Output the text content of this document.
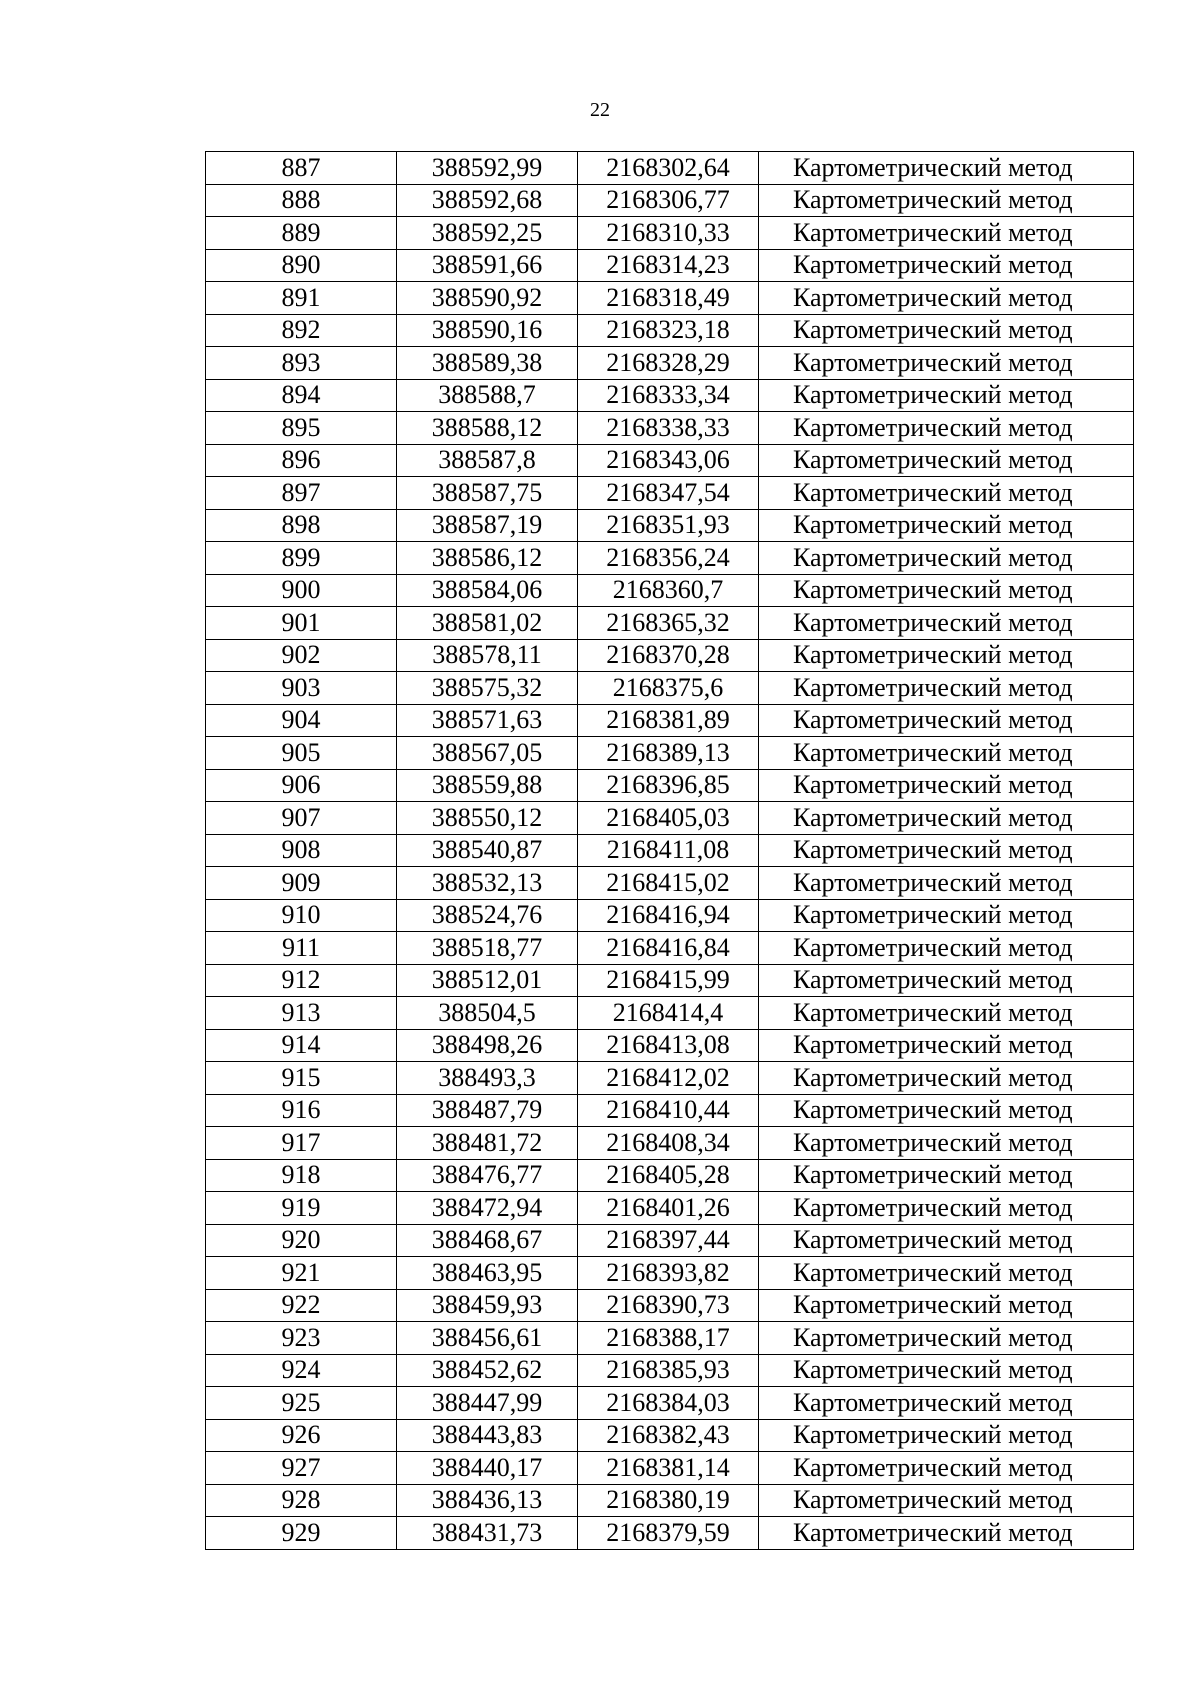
22
887	388592,99	2168302,64	Картометрический метод
888	388592,68	2168306,77	Картометрический метод
889	388592,25	2168310,33	Картометрический метод
890	388591,66	2168314,23	Картометрический метод
891	388590,92	2168318,49	Картометрический метод
892	388590,16	2168323,18	Картометрический метод
893	388589,38	2168328,29	Картометрический метод
894	388588,7	2168333,34	Картометрический метод
895	388588,12	2168338,33	Картометрический метод
896	388587,8	2168343,06	Картометрический метод
897	388587,75	2168347,54	Картометрический метод
898	388587,19	2168351,93	Картометрический метод
899	388586,12	2168356,24	Картометрический метод
900	388584,06	2168360,7	Картометрический метод
901	388581,02	2168365,32	Картометрический метод
902	388578,11	2168370,28	Картометрический метод
903	388575,32	2168375,6	Картометрический метод
904	388571,63	2168381,89	Картометрический метод
905	388567,05	2168389,13	Картометрический метод
906	388559,88	2168396,85	Картометрический метод
907	388550,12	2168405,03	Картометрический метод
908	388540,87	2168411,08	Картометрический метод
909	388532,13	2168415,02	Картометрический метод
910	388524,76	2168416,94	Картометрический метод
911	388518,77	2168416,84	Картометрический метод
912	388512,01	2168415,99	Картометрический метод
913	388504,5	2168414,4	Картометрический метод
914	388498,26	2168413,08	Картометрический метод
915	388493,3	2168412,02	Картометрический метод
916	388487,79	2168410,44	Картометрический метод
917	388481,72	2168408,34	Картометрический метод
918	388476,77	2168405,28	Картометрический метод
919	388472,94	2168401,26	Картометрический метод
920	388468,67	2168397,44	Картометрический метод
921	388463,95	2168393,82	Картометрический метод
922	388459,93	2168390,73	Картометрический метод
923	388456,61	2168388,17	Картометрический метод
924	388452,62	2168385,93	Картометрический метод
925	388447,99	2168384,03	Картометрический метод
926	388443,83	2168382,43	Картометрический метод
927	388440,17	2168381,14	Картометрический метод
928	388436,13	2168380,19	Картометрический метод
929	388431,73	2168379,59	Картометрический метод
